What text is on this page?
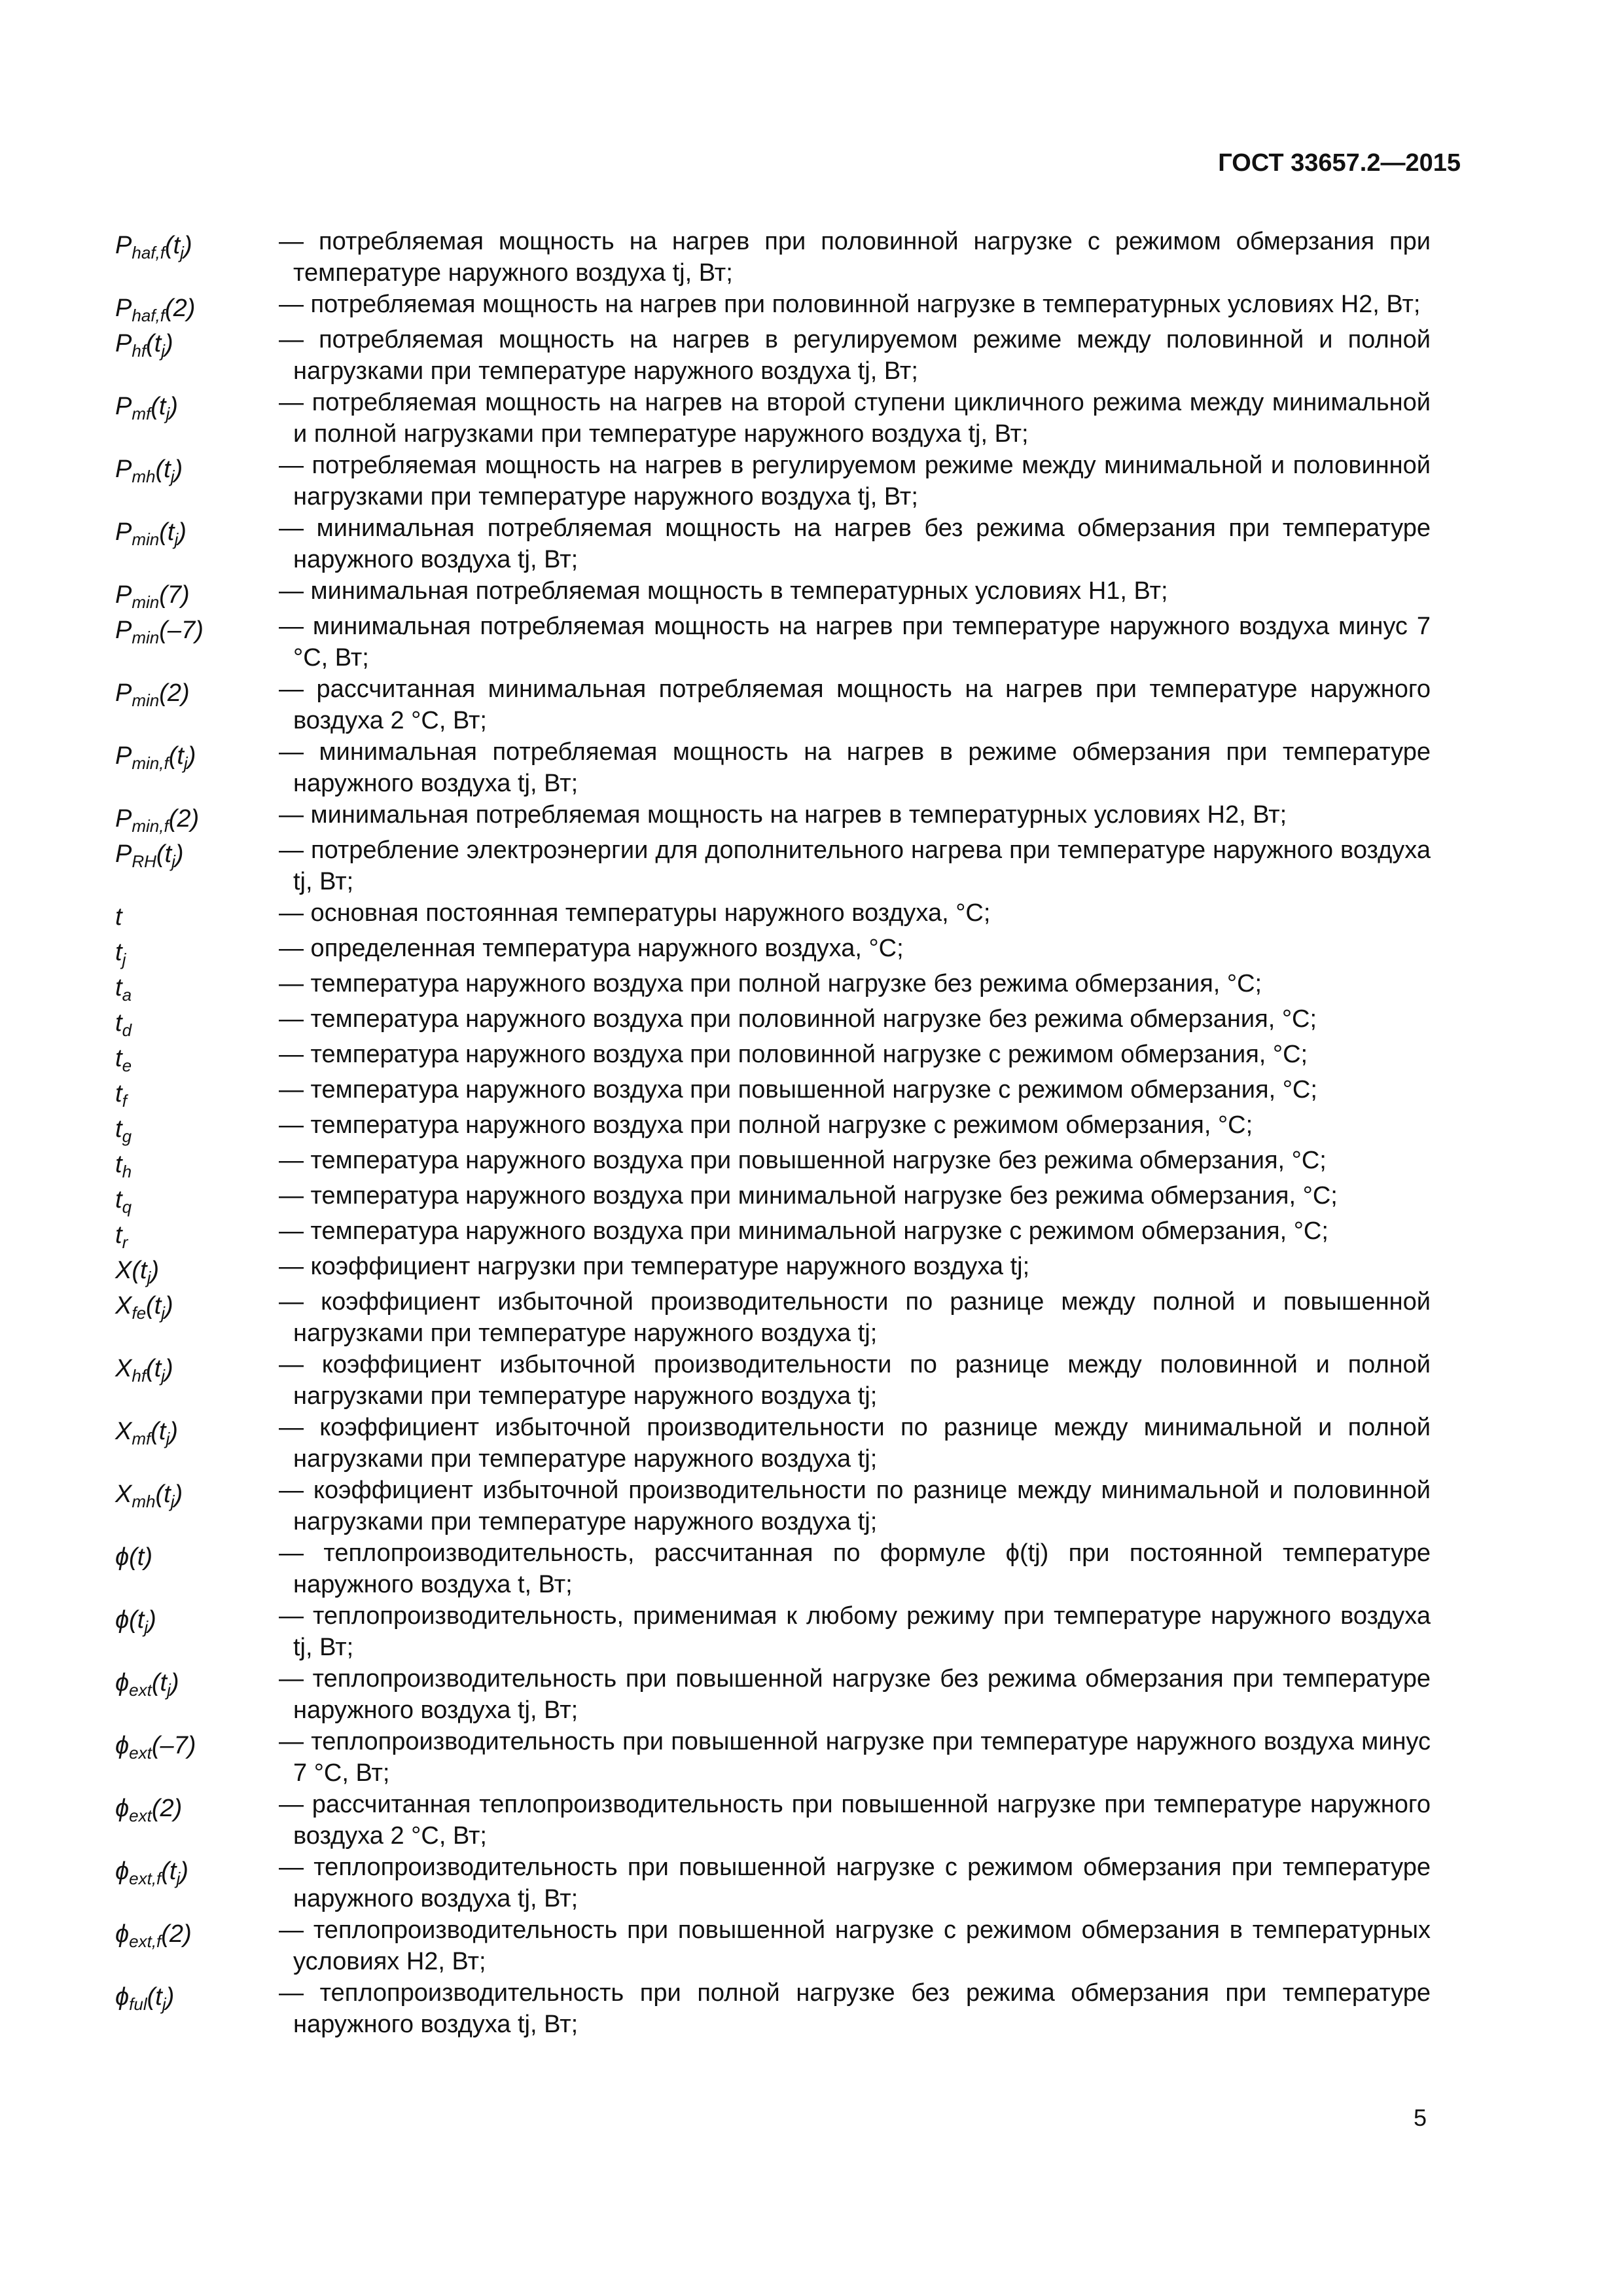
ГОСТ 33657.2—2015
$P_{haf,f}(t_j)$	— потребляемая мощность на нагрев при половинной нагрузке с режимом обмерзания при температуре наружного воздуха tj, Вт;
$P_{haf,f}(2)$	— потребляемая мощность на нагрев при половинной нагрузке в температурных условиях H2, Вт;
$P_{hf}(t_j)$	— потребляемая мощность на нагрев в регулируемом режиме между половинной и полной нагрузками при температуре наружного воздуха tj, Вт;
$P_{mf}(t_j)$	— потребляемая мощность на нагрев на второй ступени цикличного режима между минимальной и полной нагрузками при температуре наружного воздуха tj, Вт;
$P_{mh}(t_j)$	— потребляемая мощность на нагрев в регулируемом режиме между минимальной и половинной нагрузками при температуре наружного воздуха tj, Вт;
$P_{min}(t_j)$	— минимальная потребляемая мощность на нагрев без режима обмерзания при температуре наружного воздуха tj, Вт;
$P_{min}(7)$	— минимальная потребляемая мощность в температурных условиях H1, Вт;
$P_{min}(-7)$	— минимальная потребляемая мощность на нагрев при температуре наружного воздуха минус 7 °С, Вт;
$P_{min}(2)$	— рассчитанная минимальная потребляемая мощность на нагрев при температуре наружного воздуха 2 °С, Вт;
$P_{min,f}(t_j)$	— минимальная потребляемая мощность на нагрев в режиме обмерзания при температуре наружного воздуха tj, Вт;
$P_{min,f}(2)$	— минимальная потребляемая мощность на нагрев в температурных условиях H2, Вт;
$P_{RH}(t_j)$	— потребление электроэнергии для дополнительного нагрева при температуре наружного воздуха tj, Вт;
t	— основная постоянная температуры наружного воздуха, °С;
$t_j$	— определенная температура наружного воздуха, °С;
$t_a$	— температура наружного воздуха при полной нагрузке без режима обмерзания, °С;
$t_d$	— температура наружного воздуха при половинной нагрузке без режима обмерзания, °С;
$t_e$	— температура наружного воздуха при половинной нагрузке с режимом обмерзания, °С;
$t_f$	— температура наружного воздуха при повышенной нагрузке с режимом обмерзания, °С;
$t_g$	— температура наружного воздуха при полной нагрузке с режимом обмерзания, °С;
$t_h$	— температура наружного воздуха при повышенной нагрузке без режима обмерзания, °С;
$t_q$	— температура наружного воздуха при минимальной нагрузке без режима обмерзания, °С;
$t_r$	— температура наружного воздуха при минимальной нагрузке с режимом обмерзания, °С;
$X(t_j)$	— коэффициент нагрузки при температуре наружного воздуха tj;
$X_{fe}(t_j)$	— коэффициент избыточной производительности по разнице между полной и повышенной нагрузками при температуре наружного воздуха tj;
$X_{hf}(t_j)$	— коэффициент избыточной производительности по разнице между половинной и полной нагрузками при температуре наружного воздуха tj;
$X_{mf}(t_j)$	— коэффициент избыточной производительности по разнице между минимальной и полной нагрузками при температуре наружного воздуха tj;
$X_{mh}(t_j)$	— коэффициент избыточной производительности по разнице между минимальной и половинной нагрузками при температуре наружного воздуха tj;
ϕ(t)	— теплопроизводительность, рассчитанная по формуле ϕ(tj) при постоянной температуре наружного воздуха t, Вт;
$\phi(t_j)$	— теплопроизводительность, применимая к любому режиму при температуре наружного воздуха tj, Вт;
$\phi_{ext}(t_j)$	— теплопроизводительность при повышенной нагрузке без режима обмерзания при температуре наружного воздуха tj, Вт;
$\phi_{ext}(-7)$	— теплопроизводительность при повышенной нагрузке при температуре наружного воздуха минус 7 °С, Вт;
$\phi_{ext}(2)$	— рассчитанная теплопроизводительность при повышенной нагрузке при температуре наружного воздуха 2 °С, Вт;
$\phi_{ext,f}(t_j)$	— теплопроизводительность при повышенной нагрузке с режимом обмерзания при температуре наружного воздуха tj, Вт;
$\phi_{ext,f}(2)$	— теплопроизводительность при повышенной нагрузке с режимом обмерзания в температурных условиях H2, Вт;
$\phi_{ful}(t_j)$	— теплопроизводительность при полной нагрузке без режима обмерзания при температуре наружного воздуха tj, Вт;
5
